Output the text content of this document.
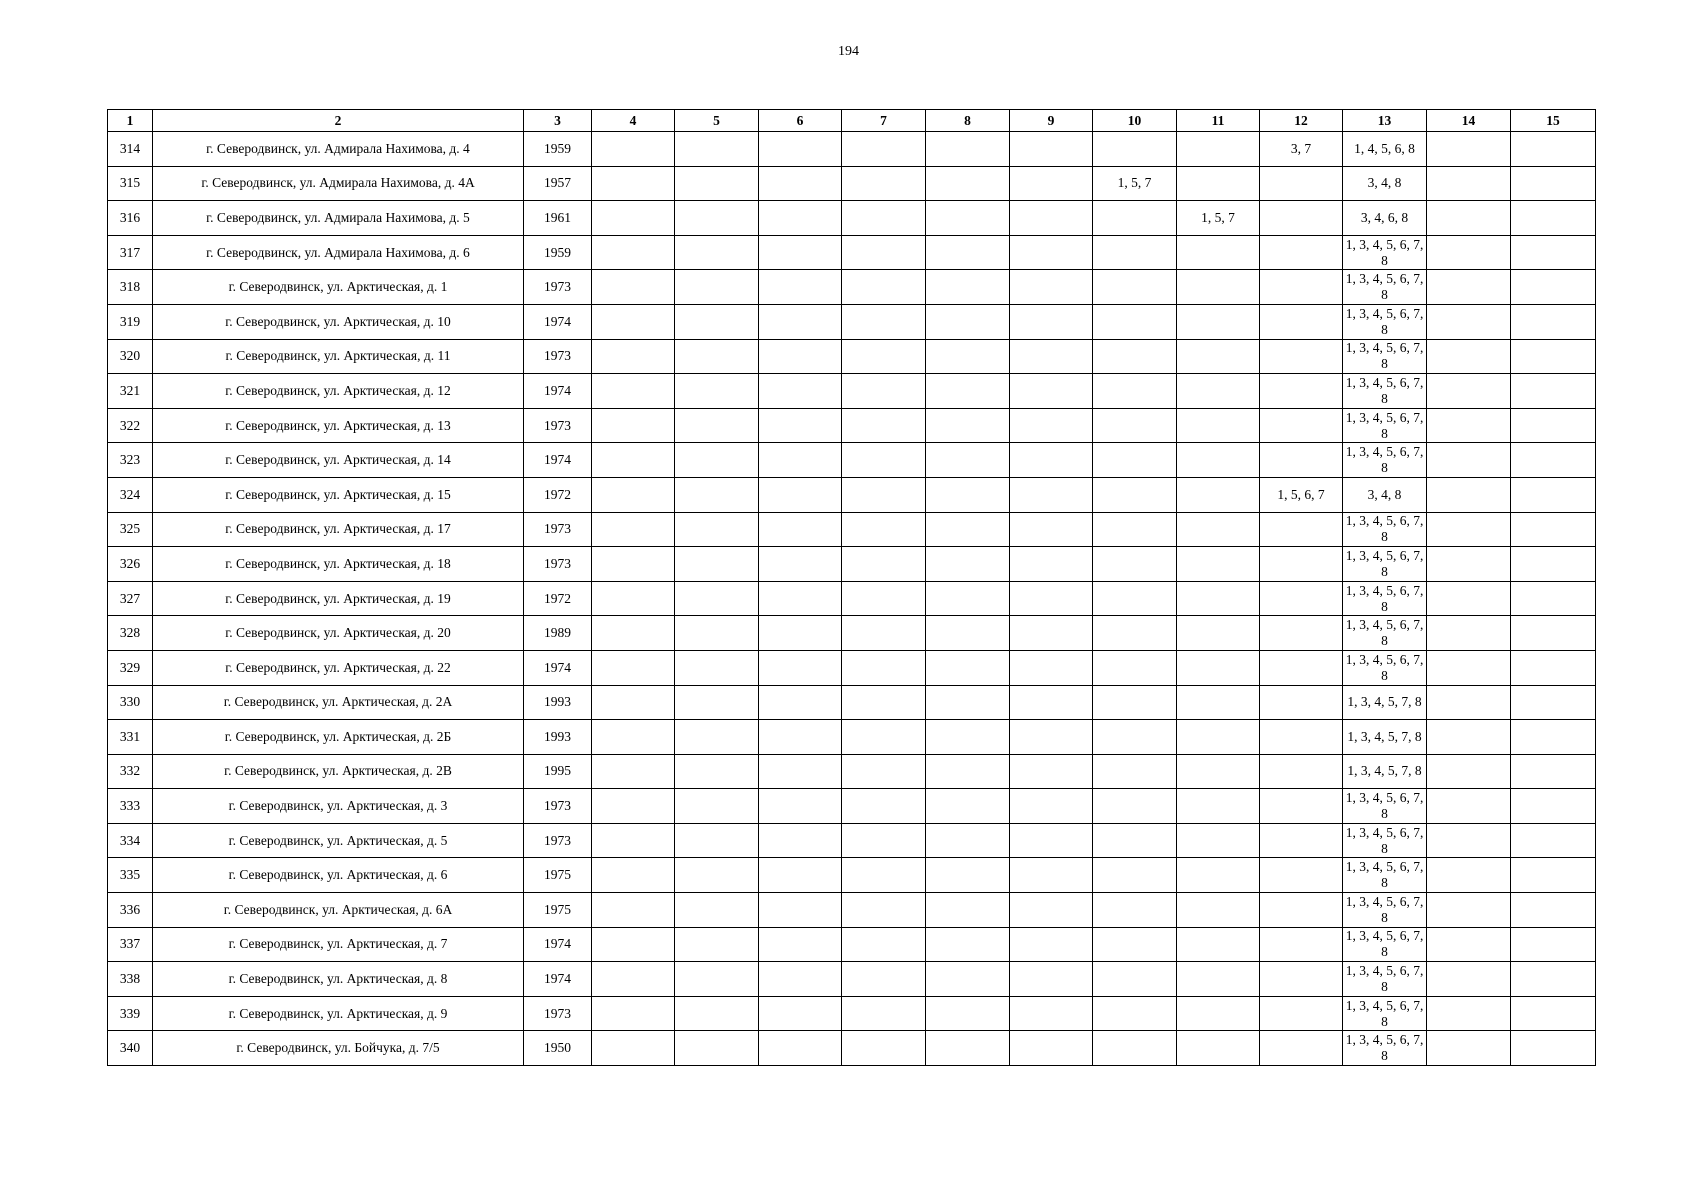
194
1	2	3	4	5	6	7	8	9	10	11	12	13	14	15
314	г. Северодвинск, ул. Адмирала Нахимова, д. 4	1959									3, 7	1, 4, 5, 6, 8		
315	г. Северодвинск, ул. Адмирала Нахимова, д. 4А	1957							1, 5, 7			3, 4, 8		
316	г. Северодвинск, ул. Адмирала Нахимова, д. 5	1961								1, 5, 7		3, 4, 6, 8		
317	г. Северодвинск, ул. Адмирала Нахимова, д. 6	1959										1, 3, 4, 5, 6, 7, 8		
318	г. Северодвинск, ул. Арктическая, д. 1	1973										1, 3, 4, 5, 6, 7, 8		
319	г. Северодвинск, ул. Арктическая, д. 10	1974										1, 3, 4, 5, 6, 7, 8		
320	г. Северодвинск, ул. Арктическая, д. 11	1973										1, 3, 4, 5, 6, 7, 8		
321	г. Северодвинск, ул. Арктическая, д. 12	1974										1, 3, 4, 5, 6, 7, 8		
322	г. Северодвинск, ул. Арктическая, д. 13	1973										1, 3, 4, 5, 6, 7, 8		
323	г. Северодвинск, ул. Арктическая, д. 14	1974										1, 3, 4, 5, 6, 7, 8		
324	г. Северодвинск, ул. Арктическая, д. 15	1972									1, 5, 6, 7	3, 4, 8		
325	г. Северодвинск, ул. Арктическая, д. 17	1973										1, 3, 4, 5, 6, 7, 8		
326	г. Северодвинск, ул. Арктическая, д. 18	1973										1, 3, 4, 5, 6, 7, 8		
327	г. Северодвинск, ул. Арктическая, д. 19	1972										1, 3, 4, 5, 6, 7, 8		
328	г. Северодвинск, ул. Арктическая, д. 20	1989										1, 3, 4, 5, 6, 7, 8		
329	г. Северодвинск, ул. Арктическая, д. 22	1974										1, 3, 4, 5, 6, 7, 8		
330	г. Северодвинск, ул. Арктическая, д. 2А	1993										1, 3, 4, 5, 7, 8		
331	г. Северодвинск, ул. Арктическая, д. 2Б	1993										1, 3, 4, 5, 7, 8		
332	г. Северодвинск, ул. Арктическая, д. 2В	1995										1, 3, 4, 5, 7, 8		
333	г. Северодвинск, ул. Арктическая, д. 3	1973										1, 3, 4, 5, 6, 7, 8		
334	г. Северодвинск, ул. Арктическая, д. 5	1973										1, 3, 4, 5, 6, 7, 8		
335	г. Северодвинск, ул. Арктическая, д. 6	1975										1, 3, 4, 5, 6, 7, 8		
336	г. Северодвинск, ул. Арктическая, д. 6А	1975										1, 3, 4, 5, 6, 7, 8		
337	г. Северодвинск, ул. Арктическая, д. 7	1974										1, 3, 4, 5, 6, 7, 8		
338	г. Северодвинск, ул. Арктическая, д. 8	1974										1, 3, 4, 5, 6, 7, 8		
339	г. Северодвинск, ул. Арктическая, д. 9	1973										1, 3, 4, 5, 6, 7, 8		
340	г. Северодвинск, ул. Бойчука, д. 7/5	1950										1, 3, 4, 5, 6, 7, 8		
